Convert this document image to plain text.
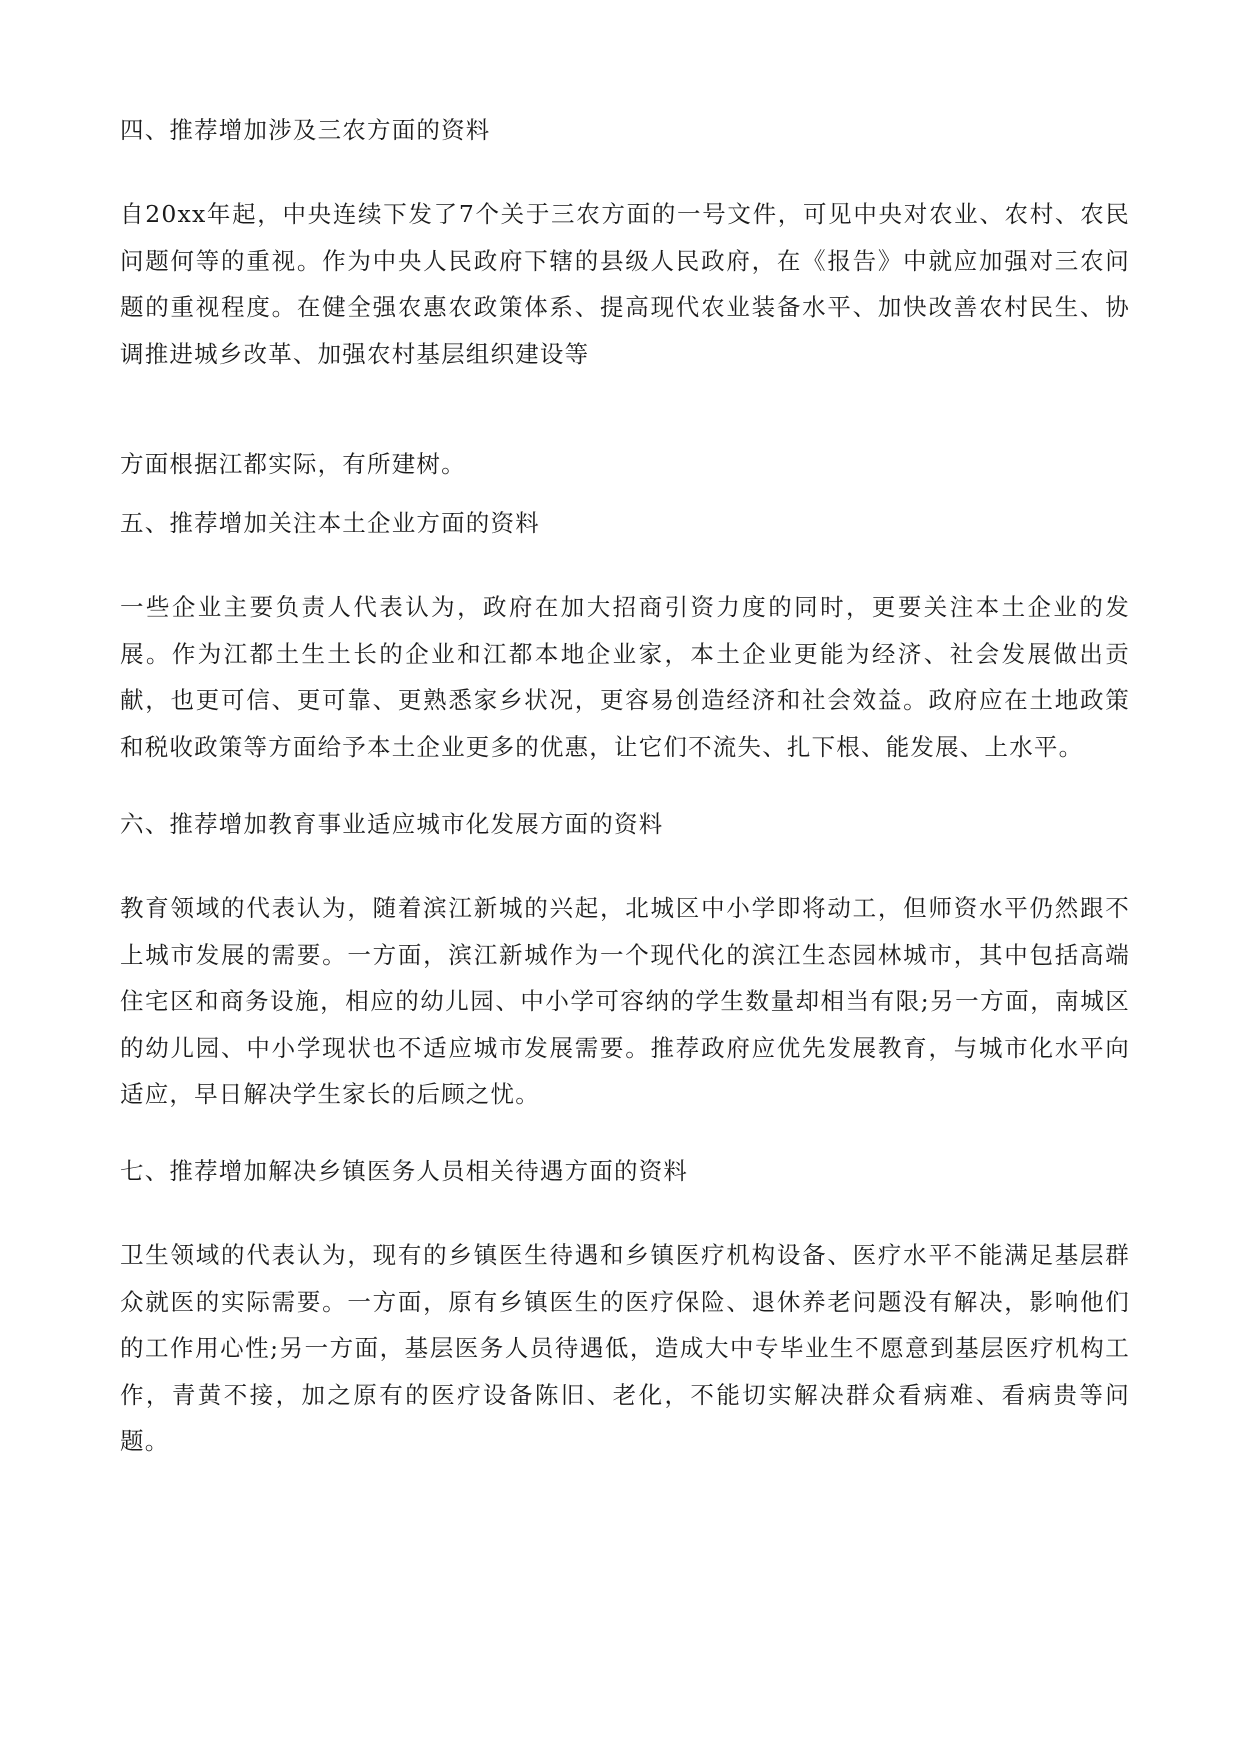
四、推荐增加涉及三农方面的资料

自20xx年起，中央连续下发了7个关于三农方面的一号文件，可见中央对农业、农村、农民问题何等的重视。作为中央人民政府下辖的县级人民政府，在《报告》中就应加强对三农问题的重视程度。在健全强农惠农政策体系、提高现代农业装备水平、加快改善农村民生、协调推进城乡改革、加强农村基层组织建设等

方面根据江都实际，有所建树。

五、推荐增加关注本土企业方面的资料

一些企业主要负责人代表认为，政府在加大招商引资力度的同时，更要关注本土企业的发展。作为江都土生土长的企业和江都本地企业家，本土企业更能为经济、社会发展做出贡献，也更可信、更可靠、更熟悉家乡状况，更容易创造经济和社会效益。政府应在土地政策和税收政策等方面给予本土企业更多的优惠，让它们不流失、扎下根、能发展、上水平。

六、推荐增加教育事业适应城市化发展方面的资料

教育领域的代表认为，随着滨江新城的兴起，北城区中小学即将动工，但师资水平仍然跟不上城市发展的需要。一方面，滨江新城作为一个现代化的滨江生态园林城市，其中包括高端住宅区和商务设施，相应的幼儿园、中小学可容纳的学生数量却相当有限;另一方面，南城区的幼儿园、中小学现状也不适应城市发展需要。推荐政府应优先发展教育，与城市化水平向适应，早日解决学生家长的后顾之忧。

七、推荐增加解决乡镇医务人员相关待遇方面的资料

卫生领域的代表认为，现有的乡镇医生待遇和乡镇医疗机构设备、医疗水平不能满足基层群众就医的实际需要。一方面，原有乡镇医生的医疗保险、退休养老问题没有解决，影响他们的工作用心性;另一方面，基层医务人员待遇低，造成大中专毕业生不愿意到基层医疗机构工作，青黄不接，加之原有的医疗设备陈旧、老化，不能切实解决群众看病难、看病贵等问题。
